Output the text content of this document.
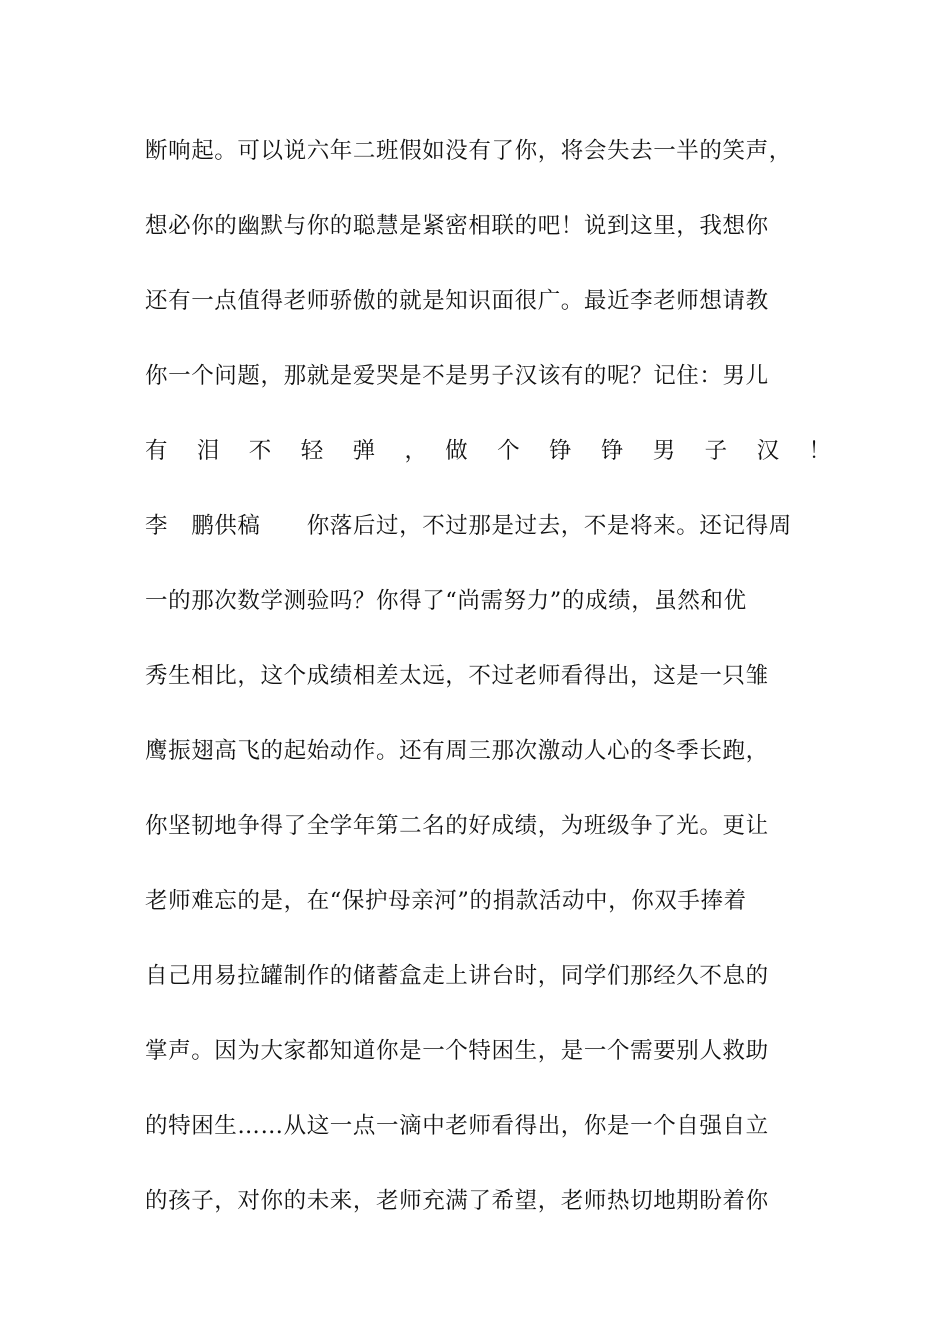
断响起。可以说六年二班假如没有了你，将会失去一半的笑声，
想必你的幽默与你的聪慧是紧密相联的吧！说到这里，我想你
还有一点值得老师骄傲的就是知识面很广。最近李老师想请教
你一个问题，那就是爱哭是不是男子汉该有的呢？记住：男儿
有　泪　不　轻　弹　，　做　个　铮　铮　男　子　汉　！
李　鹏供稿　　你落后过，不过那是过去，不是将来。还记得周
一的那次数学测验吗？你得了“尚需努力”的成绩，虽然和优
秀生相比，这个成绩相差太远，不过老师看得出，这是一只雏
鹰振翅高飞的起始动作。还有周三那次激动人心的冬季长跑，
你坚韧地争得了全学年第二名的好成绩，为班级争了光。更让
老师难忘的是，在“保护母亲河”的捐款活动中，你双手捧着
自己用易拉罐制作的储蓄盒走上讲台时，同学们那经久不息的
掌声。因为大家都知道你是一个特困生，是一个需要别人救助
的特困生……从这一点一滴中老师看得出，你是一个自强自立
的孩子，对你的未来，老师充满了希望，老师热切地期盼着你
